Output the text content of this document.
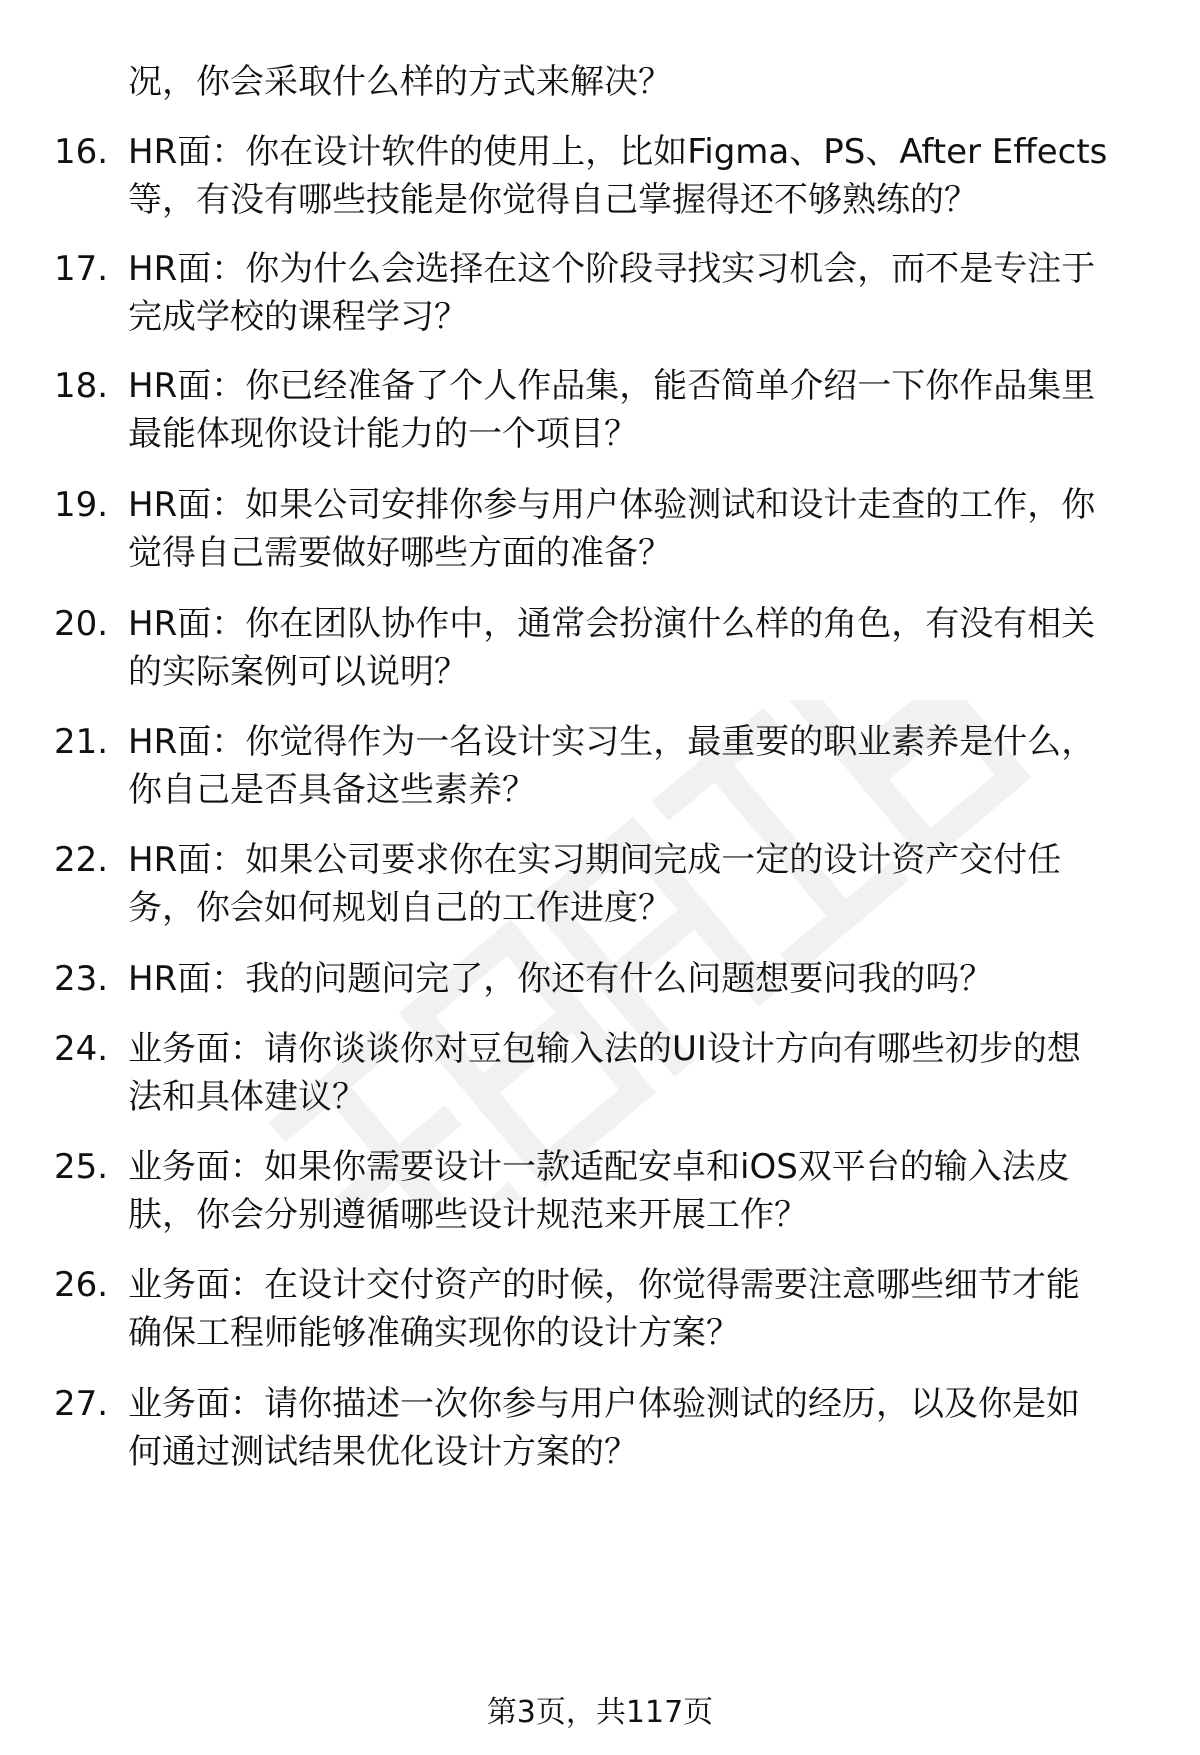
况，你会采取什么样的方式来解决？
16. HR面：你在设计软件的使用上，比如Figma、PS、After Effects
等，有没有哪些技能是你觉得自己掌握得还不够熟练的？
17. HR面：你为什么会选择在这个阶段寻找实习机会，而不是专注于
完成学校的课程学习？
18. HR面：你已经准备了个人作品集，能否简单介绍一下你作品集里
最能体现你设计能力的一个项目？
19. HR面：如果公司安排你参与用户体验测试和设计走查的工作，你
觉得自己需要做好哪些方面的准备？
20. HR面：你在团队协作中，通常会扮演什么样的角色，有没有相关
的实际案例可以说明？
21. HR面：你觉得作为一名设计实习生，最重要的职业素养是什么，
你自己是否具备这些素养？
22. HR面：如果公司要求你在实习期间完成一定的设计资产交付任
务，你会如何规划自己的工作进度？
23. HR面：我的问题问完了，你还有什么问题想要问我的吗？
24. 业务面：请你谈谈你对豆包输入法的UI设计方向有哪些初步的想
法和具体建议？
25. 业务面：如果你需要设计一款适配安卓和iOS双平台的输入法皮
肤，你会分别遵循哪些设计规范来开展工作？
26. 业务面：在设计交付资产的时候，你觉得需要注意哪些细节才能
确保工程师能够准确实现你的设计方案？
27. 业务面：请你描述一次你参与用户体验测试的经历，以及你是如
何通过测试结果优化设计方案的？
第3页，共117页
